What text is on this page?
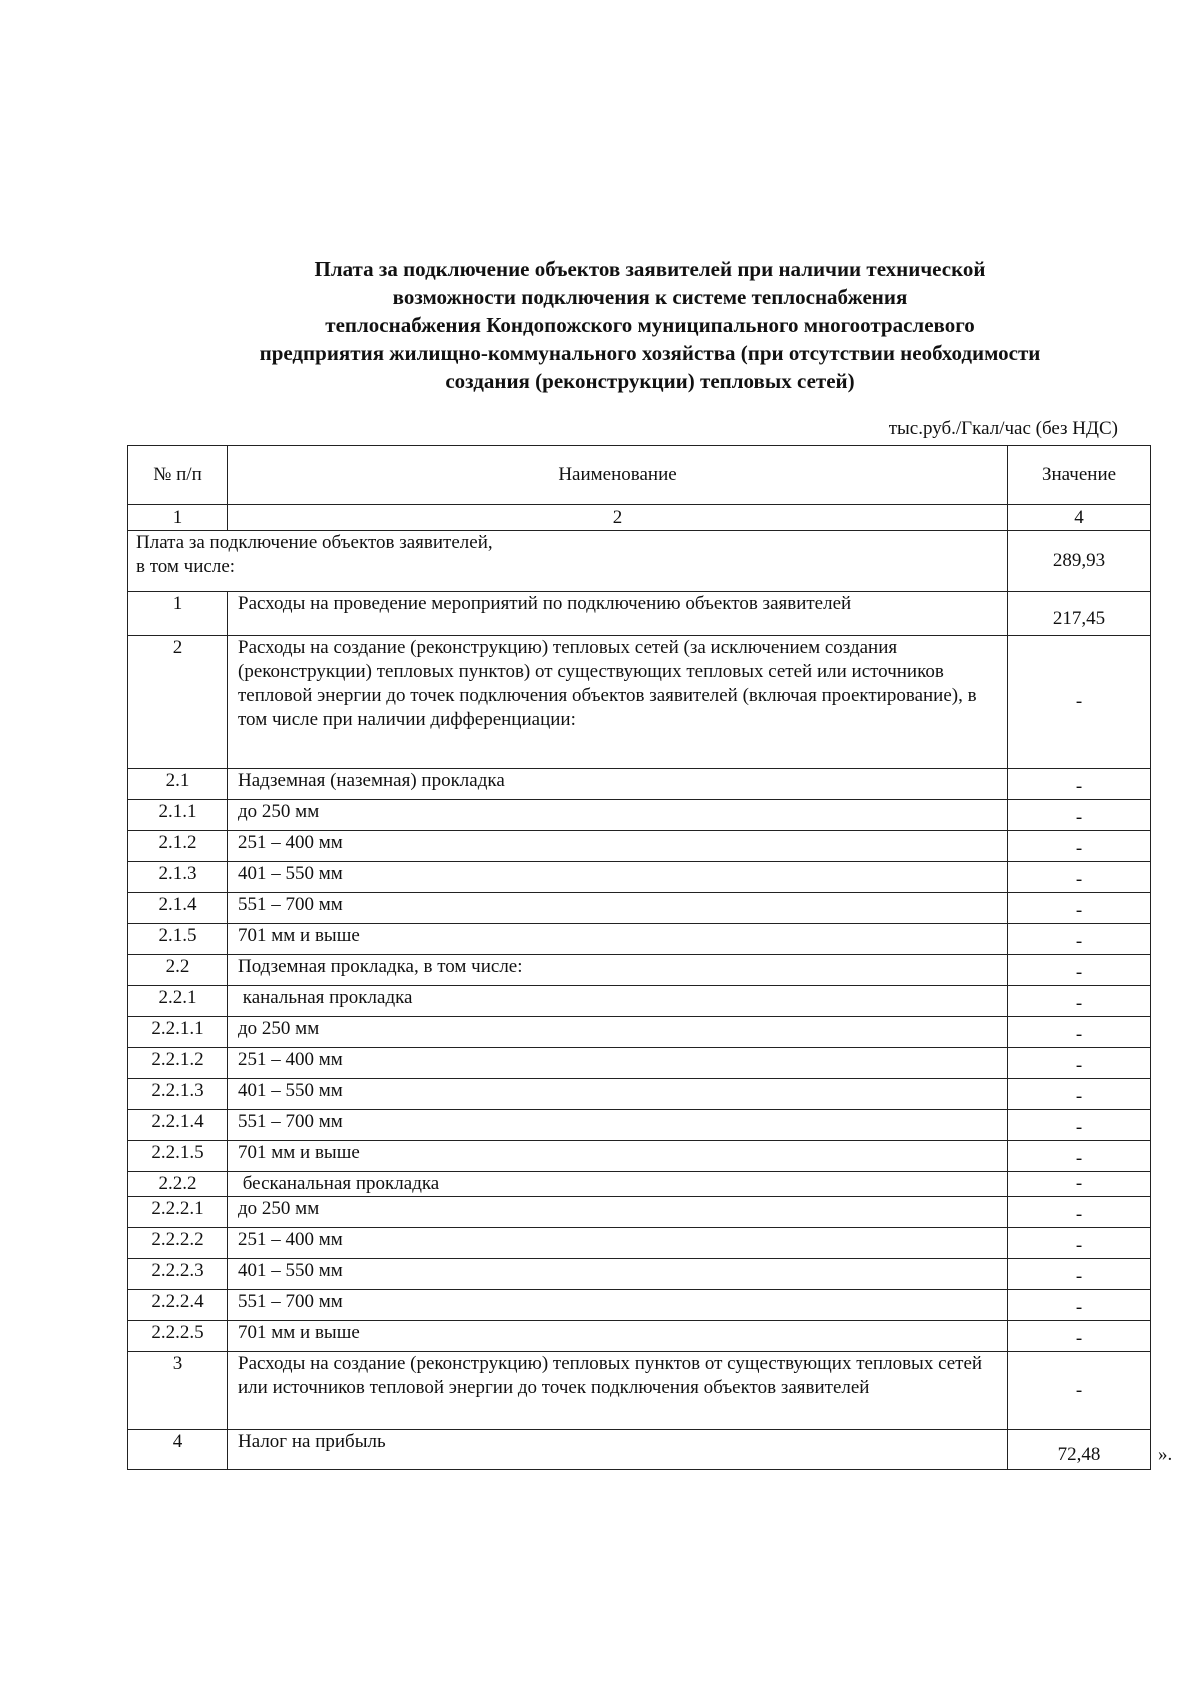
Плата за подключение объектов заявителей при наличии технической
возможности подключения к системе теплоснабжения
теплоснабжения Кондопожского муниципального многоотраслевого
предприятия жилищно-коммунального хозяйства (при отсутствии необходимости
создания (реконструкции) тепловых сетей)
тыс.руб./Гкал/час (без НДС)
№ п/п	Наименование	Значение
1	2	4

Плата за подключение объектов заявителей,
в том числе:		289,93
1	Расходы на проведение мероприятий по подключению объектов заявителей	217,45
2	Расходы на создание (реконструкцию) тепловых сетей (за исключением создания (реконструкции) тепловых пунктов) от существующих тепловых сетей или источников тепловой энергии до точек подключения объектов заявителей (включая проектирование), в том числе при наличии дифференциации:	-
2.1	Надземная (наземная) прокладка	-
2.1.1	до 250 мм	-
2.1.2	251 – 400 мм	-
2.1.3	401 – 550 мм	-
2.1.4	551 – 700 мм	-
2.1.5	701 мм и выше	-
2.2	Подземная прокладка, в том числе:	-
2.2.1	канальная прокладка	-
2.2.1.1	до 250 мм	-
2.2.1.2	251 – 400 мм	-
2.2.1.3	401 – 550 мм	-
2.2.1.4	551 – 700 мм	-
2.2.1.5	701 мм и выше	-
2.2.2	бесканальная прокладка	-
2.2.2.1	до 250 мм	-
2.2.2.2	251 – 400 мм	-
2.2.2.3	401 – 550 мм	-
2.2.2.4	551 – 700 мм	-
2.2.2.5	701 мм и выше	-
3	Расходы на создание (реконструкцию) тепловых пунктов от существующих тепловых сетей или источников тепловой энергии до точек подключения объектов заявителей	-
4	Налог на прибыль	72,48	».
